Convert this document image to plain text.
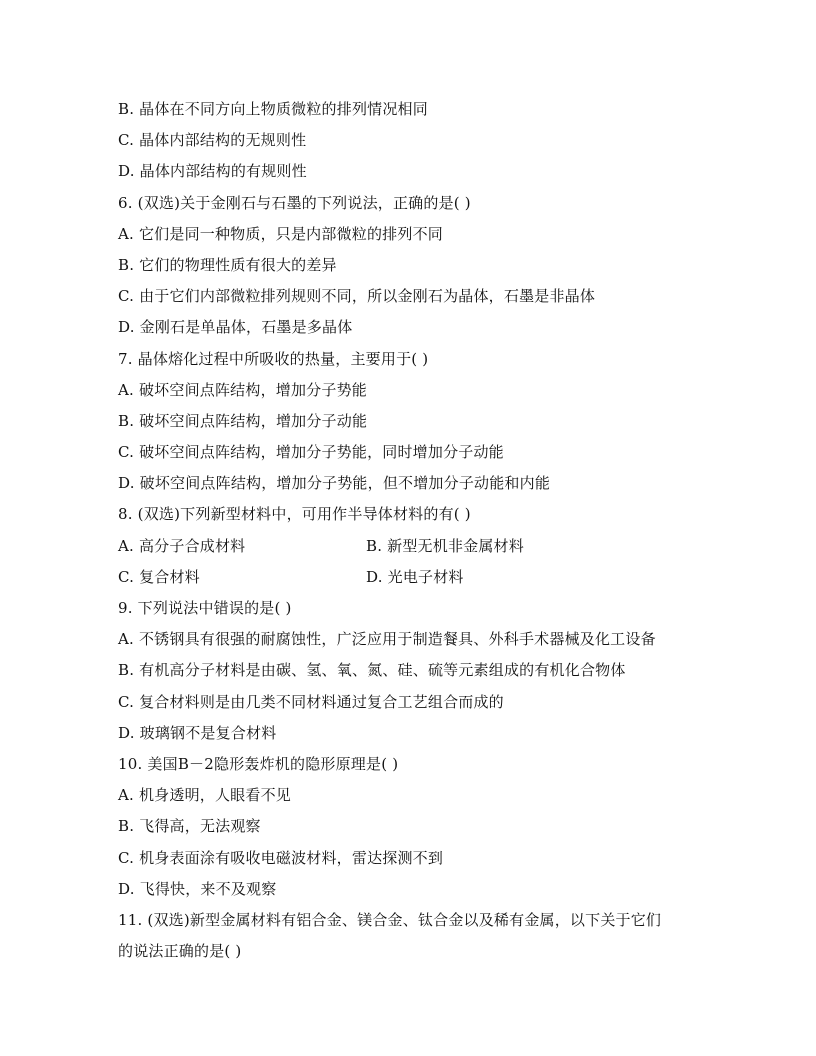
B. 晶体在不同方向上物质微粒的排列情况相同
C. 晶体内部结构的无规则性
D. 晶体内部结构的有规则性
6. (双选)关于金刚石与石墨的下列说法，正确的是( )
A. 它们是同一种物质，只是内部微粒的排列不同
B. 它们的物理性质有很大的差异
C. 由于它们内部微粒排列规则不同，所以金刚石为晶体，石墨是非晶体
D. 金刚石是单晶体，石墨是多晶体
7. 晶体熔化过程中所吸收的热量，主要用于( )
A. 破坏空间点阵结构，增加分子势能
B. 破坏空间点阵结构，增加分子动能
C. 破坏空间点阵结构，增加分子势能，同时增加分子动能
D. 破坏空间点阵结构，增加分子势能，但不增加分子动能和内能
8. (双选)下列新型材料中，可用作半导体材料的有( )
A. 高分子合成材料	B. 新型无机非金属材料
C. 复合材料	D. 光电子材料
9. 下列说法中错误的是( )
A. 不锈钢具有很强的耐腐蚀性，广泛应用于制造餐具、外科手术器械及化工设备
B. 有机高分子材料是由碳、氢、氧、氮、硅、硫等元素组成的有机化合物体
C. 复合材料则是由几类不同材料通过复合工艺组合而成的
D. 玻璃钢不是复合材料
10. 美国B－2隐形轰炸机的隐形原理是( )
A. 机身透明，人眼看不见
B. 飞得高，无法观察
C. 机身表面涂有吸收电磁波材料，雷达探测不到
D. 飞得快，来不及观察
11. (双选)新型金属材料有铝合金、镁合金、钛合金以及稀有金属，以下关于它们
的说法正确的是( )
